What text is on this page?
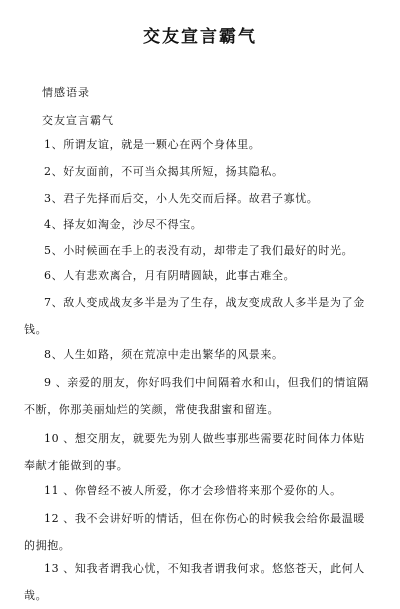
交友宣言霸气
情感语录
交友宣言霸气
1、所谓友谊，就是一颗心在两个身体里。
2、好友面前，不可当众揭其所短，扬其隐私。
3、君子先择而后交，小人先交而后择。故君子寡忧。
4、择友如淘金，沙尽不得宝。
5、小时候画在手上的表没有动，却带走了我们最好的时光。
6、人有悲欢离合，月有阴晴圆缺，此事古难全。
7、敌人变成战友多半是为了生存，战友变成敌人多半是为了金钱。
8、人生如路，须在荒凉中走出繁华的风景来。
9 、亲爱的朋友，你好吗我们中间隔着水和山，但我们的情谊隔不断，你那美丽灿烂的笑颜，常使我甜蜜和留连。
10 、想交朋友，就要先为别人做些事那些需要花时间体力体贴奉献才能做到的事。
11 、你曾经不被人所爱，你才会珍惜将来那个爱你的人。
12 、我不会讲好听的情话，但在你伤心的时候我会给你最温暖的拥抱。
13 、知我者谓我心忧，不知我者谓我何求。悠悠苍天，此何人哉。
